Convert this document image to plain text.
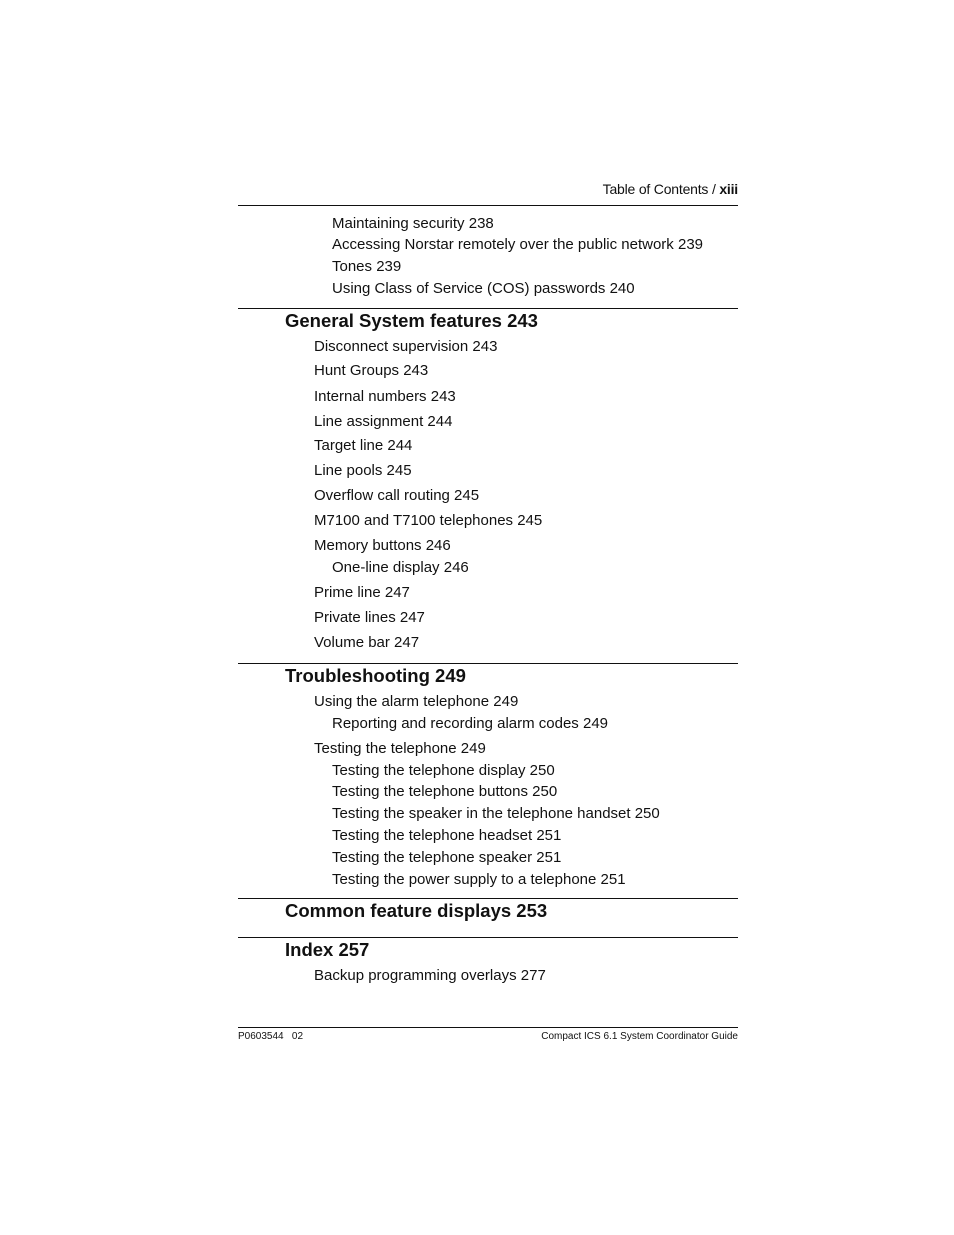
Table of Contents / xiii
Maintaining security 238
Accessing Norstar remotely over the public network 239
Tones 239
Using Class of Service (COS) passwords 240
General System features 243
Disconnect supervision 243
Hunt Groups 243
Internal numbers 243
Line assignment 244
Target line 244
Line pools 245
Overflow call routing 245
M7100 and T7100 telephones 245
Memory buttons 246
One-line display 246
Prime line 247
Private lines 247
Volume bar 247
Troubleshooting 249
Using the alarm telephone 249
Reporting and recording alarm codes 249
Testing the telephone 249
Testing the telephone display 250
Testing the telephone buttons 250
Testing the speaker in the telephone handset 250
Testing the telephone headset 251
Testing the telephone speaker 251
Testing the power supply to a telephone 251
Common feature displays 253
Index 257
Backup programming overlays 277
P0603544   02	Compact ICS 6.1 System Coordinator Guide
